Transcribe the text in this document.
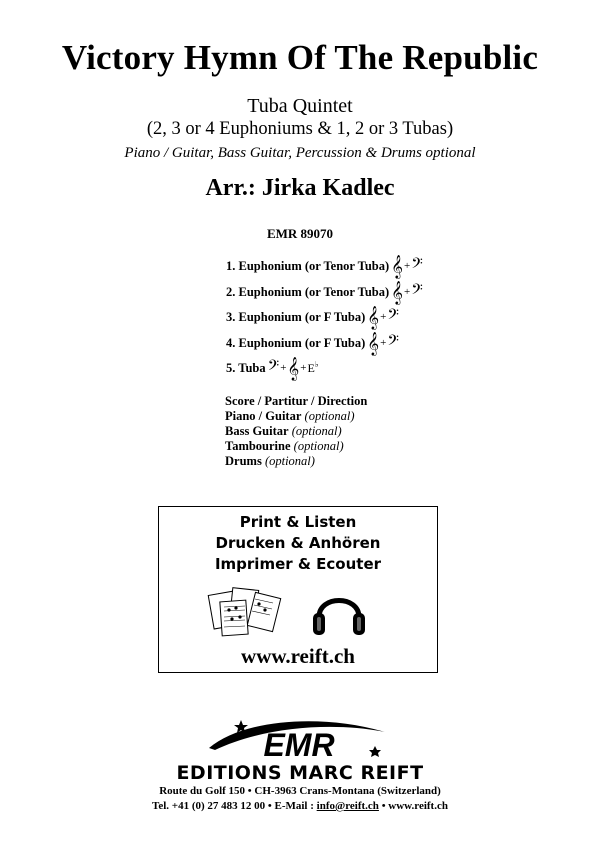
Victory Hymn Of The Republic
Tuba Quintet
(2, 3 or 4 Euphoniums & 1, 2 or 3 Tubas)
Piano / Guitar, Bass Guitar, Percussion & Drums optional
Arr.: Jirka Kadlec
EMR 89070
1. Euphonium (or Tenor Tuba) 𝄞 + 𝄢
2. Euphonium (or Tenor Tuba) 𝄞 + 𝄢
3. Euphonium (or F Tuba) 𝄞 + 𝄢
4. Euphonium (or F Tuba) 𝄞 + 𝄢
5. Tuba 𝄢 + 𝄞 + E♭
Score / Partitur / Direction
Piano / Guitar (optional)
Bass Guitar (optional)
Tambourine (optional)
Drums (optional)
Print & Listen
Drucken & Anhören
Imprimer & Ecouter
www.reift.ch
EMR
EDITIONS MARC REIFT
Route du Golf 150 • CH-3963 Crans-Montana (Switzerland)
Tel. +41 (0) 27 483 12 00 • E-Mail : info@reift.ch • www.reift.ch
